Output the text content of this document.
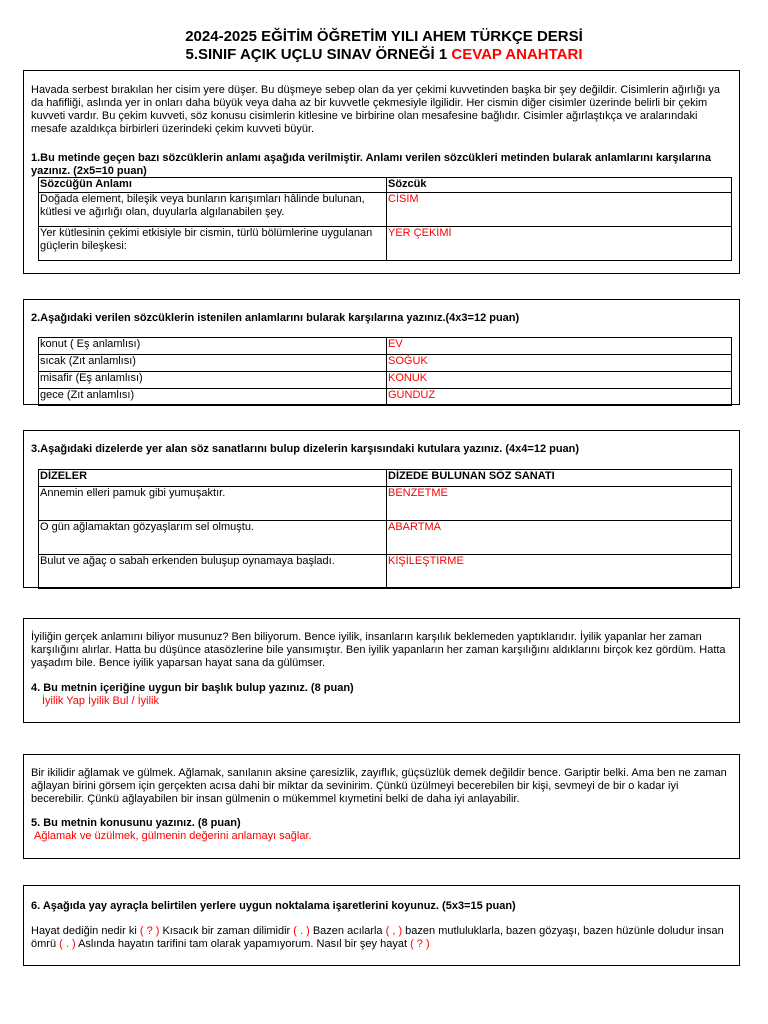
2024-2025 EĞİTİM ÖĞRETİM YILI AHEM TÜRKÇE DERSİ
5.SINIF AÇIK UÇLU SINAV ÖRNEĞİ 1 CEVAP ANAHTARI

Havada serbest bırakılan her cisim yere düşer. Bu düşmeye sebep olan da yer çekimi kuvvetinden başka bir şey değildir. Cisimlerin ağırlığı ya da hafifliği, aslında yer in onları daha büyük veya daha az bir kuvvetle çekmesiyle ilgilidir. Her cismin diğer cisimler üzerinde belirli bir çekim kuvveti vardır. Bu çekim kuvveti, söz konusu cisimlerin kitlesine ve birbirine olan mesafesine bağlıdır. Cisimler ağırlaştıkça ve aralarındaki mesafe azaldıkça birbirleri üzerindeki çekim kuvveti büyür.

1.Bu metinde geçen bazı sözcüklerin anlamı aşağıda verilmiştir. Anlamı verilen sözcükleri metinden bularak anlamlarını karşılarına yazınız. (2x5=10 puan)

Sözcüğün Anlamı	Sözcük
Doğada element, bileşik veya bunların karışımları hâlinde bulunan, kütlesi ve ağırlığı olan, duyularla algılanabilen şey.	CİSİM
Yer kütlesinin çekimi etkisiyle bir cismin, türlü bölümlerine uygulanan güçlerin bileşkesi:	YER ÇEKİMİ

2.Aşağıdaki verilen sözcüklerin istenilen anlamlarını bularak karşılarına yazınız.(4x3=12 puan)

konut ( Eş anlamlısı)	EV
sıcak (Zıt anlamlısı)	SOĞUK
misafir (Eş anlamlısı)	KONUK
gece (Zıt anlamlısı)	GÜNDÜZ

3.Aşağıdaki dizelerde yer alan söz sanatlarını bulup dizelerin karşısındaki kutulara yazınız. (4x4=12 puan)

DİZELER	DİZEDE BULUNAN SÖZ SANATI
Annemin elleri pamuk gibi yumuşaktır.	BENZETME
O gün ağlamaktan gözyaşlarım sel olmuştu.	ABARTMA
Bulut ve ağaç o sabah erkenden buluşup oynamaya başladı.	KİŞİLEŞTİRME

İyiliğin gerçek anlamını biliyor musunuz? Ben biliyorum. Bence iyilik, insanların karşılık beklemeden yaptıklarıdır. İyilik yapanlar her zaman karşılığını alırlar. Hatta bu düşünce atasözlerine bile yansımıştır. Ben iyilik yapanların her zaman karşılığını aldıklarını birçok kez gördüm. Hatta yaşadım bile. Bence iyilik yaparsan hayat sana da gülümser.

4. Bu metnin içeriğine uygun bir başlık bulup yazınız. (8 puan)

İyilik Yap İyilik Bul / İyilik

Bir ikilidir ağlamak ve gülmek. Ağlamak, sanılanın aksine çaresizlik, zayıflık, güçsüzlük demek değildir bence. Gariptir belki. Ama ben ne zaman ağlayan birini görsem için gerçekten acısa dahi bir miktar da sevinirim. Çünkü üzülmeyi becerebilen bir kişi, sevmeyi de bir o kadar iyi becerebilir. Çünkü ağlayabilen bir insan gülmenin o mükemmel kıymetini belki de daha iyi anlayabilir.

5. Bu metnin konusunu yazınız. (8 puan)

Ağlamak ve üzülmek, gülmenin değerini anlamayı sağlar.

6. Aşağıda yay ayraçla belirtilen yerlere uygun noktalama işaretlerini koyunuz. (5x3=15 puan)

Hayat dediğin nedir ki ( ? ) Kısacık bir zaman dilimidir ( . ) Bazen acılarla ( , ) bazen mutluluklarla, bazen gözyaşı, bazen hüzünle doludur insan ömrü ( . ) Aslında hayatın tarifini tam olarak yapamıyorum. Nasıl bir şey hayat ( ? )
